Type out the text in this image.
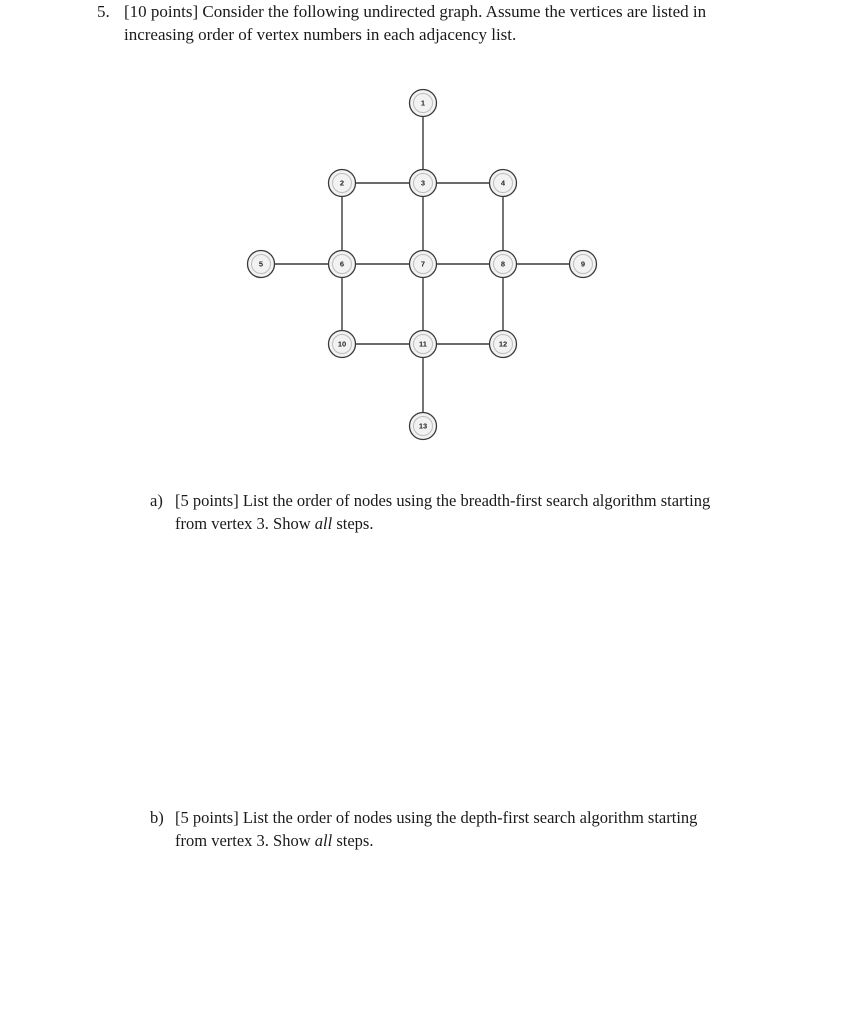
5. [10 points] Consider the following undirected graph. Assume the vertices are listed in
increasing order of vertex numbers in each adjacency list.
1
2	3	4
5	6	7	8	9
10	11	12
13
a) [5 points] List the order of nodes using the breadth-first search algorithm starting
from vertex 3. Show all steps.
b) [5 points] List the order of nodes using the depth-first search algorithm starting
from vertex 3. Show all steps.
